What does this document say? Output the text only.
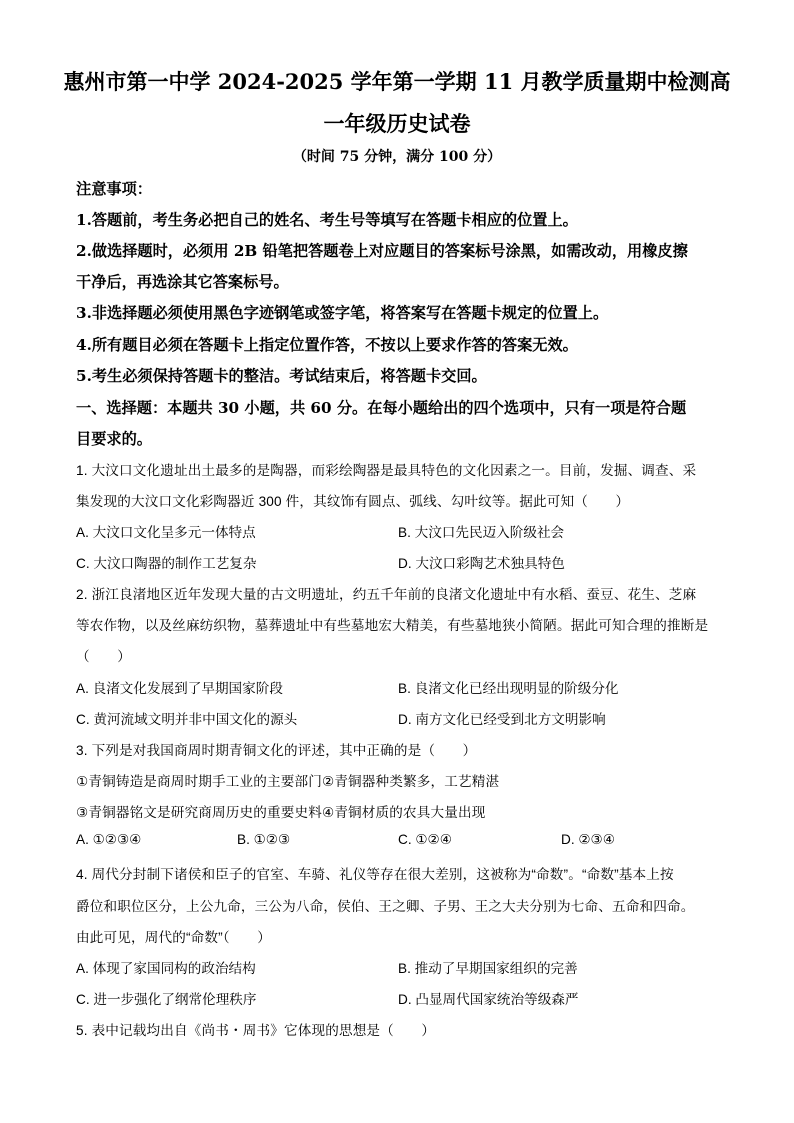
惠州市第一中学 2024-2025 学年第一学期 11 月教学质量期中检测高
一年级历史试卷
（时间 75 分钟，满分 100 分）
注意事项：
1.答题前，考生务必把自己的姓名、考生号等填写在答题卡相应的位置上。
2.做选择题时，必须用 2B 铅笔把答题卷上对应题目的答案标号涂黑，如需改动，用橡皮擦
干净后，再选涂其它答案标号。
3.非选择题必须使用黑色字迹钢笔或签字笔，将答案写在答题卡规定的位置上。
4.所有题目必须在答题卡上指定位置作答，不按以上要求作答的答案无效。
5.考生必须保持答题卡的整洁。考试结束后，将答题卡交回。
一、选择题：本题共 30 小题，共 60 分。在每小题给出的四个选项中，只有一项是符合题
目要求的。
1. 大汶口文化遗址出土最多的是陶器，而彩绘陶器是最具特色的文化因素之一。目前，发掘、调查、采
集发现的大汶口文化彩陶器近 300 件，其纹饰有圆点、弧线、勾叶纹等。据此可知（　　）
A. 大汶口文化呈多元一体特点	B. 大汶口先民迈入阶级社会
C. 大汶口陶器的制作工艺复杂	D. 大汶口彩陶艺术独具特色
2. 浙江良渚地区近年发现大量的古文明遗址，约五千年前的良渚文化遗址中有水稻、蚕豆、花生、芝麻
等农作物，以及丝麻纺织物，墓葬遗址中有些墓地宏大精美，有些墓地狭小简陋。据此可知合理的推断是
（　　）
A. 良渚文化发展到了早期国家阶段	B. 良渚文化已经出现明显的阶级分化
C. 黄河流域文明并非中国文化的源头	D. 南方文化已经受到北方文明影响
3. 下列是对我国商周时期青铜文化的评述，其中正确的是（　　）
①青铜铸造是商周时期手工业的主要部门②青铜器种类繁多，工艺精湛
③青铜器铭文是研究商周历史的重要史料④青铜材质的农具大量出现
A. ①②③④	B. ①②③	C. ①②④	D. ②③④
4. 周代分封制下诸侯和臣子的官室、车骑、礼仪等存在很大差别，这被称为“命数”。“命数”基本上按
爵位和职位区分，上公九命，三公为八命，侯伯、王之卿、子男、王之大夫分别为七命、五命和四命。
由此可见，周代的“命数”（　　）
A. 体现了家国同构的政治结构	B. 推动了早期国家组织的完善
C. 进一步强化了纲常伦理秩序	D. 凸显周代国家统治等级森严
5. 表中记载均出自《尚书・周书》它体现的思想是（　　）
